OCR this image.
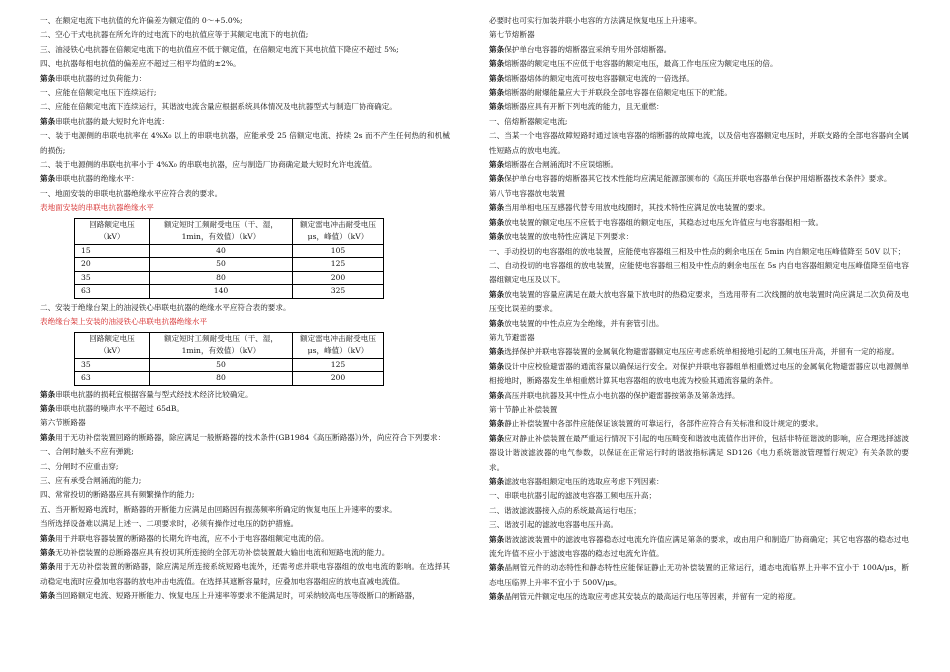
一、在额定电流下电抗值的允许偏差为额定值的 0～+5.0%;

二、空心干式电抗器在所允许的过电流下的电抗值应等于其额定电流下的电抗值;

三、油浸铁心电抗器在倍额定电流下的电抗值应不低于额定值，在倍额定电流下其电抗值下降应不超过 5%;

四、电抗器每相电抗值的偏差应不超过三相平均值的±2%。

第条串联电抗器的过负荷能力：

一、应能在倍额定电压下连续运行;

二、应能在倍额定电流下连续运行，其谐波电流含量应根据系统具体情况及电抗器型式与制造厂协商确定。

第条串联电抗器的最大短时允许电流：

一、装于电源侧的串联电抗率在 4%X₀ 以上的串联电抗器，应能承受 25 倍额定电流、持续 2s 而不产生任何热的和机械的损伤;

二、装于电源侧的串联电抗率小于 4%X₀ 的串联电抗器，应与制造厂协商确定最大短时允许电流值。

第条串联电抗器的绝缘水平：

一、地面安装的串联电抗器绝缘水平应符合表的要求。

表地面安装的串联电抗器绝缘水平

回路额定电压（kV）	额定短时工频耐受电压（干、湿，1min，有效值）（kV）	额定雷电冲击耐受电压μs，峰值）（kV）
15	40	105
20	50	125
35	80	200
63	140	325

二、安装于绝缘台架上的油浸铁心串联电抗器的绝缘水平应符合表的要求。

表绝缘台架上安装的油浸铁心串联电抗器绝缘水平

回路额定电压（kV）	额定短时工频耐受电压（干、湿，1min，有效值）（kV）	额定雷电冲击耐受电压μs，峰值）（kV）
35	50	125
63	80	200

第条串联电抗器的损耗宜根据容量与型式经技术经济比较确定。

第条串联电抗器的噪声水平不超过 65dB。

第六节断路器

第条用于无功补偿装置回路的断路器，除应满足一般断路器的技术条件(GB1984《高压断路器》)外，尚应符合下列要求：

一、合闸时触头不应有弹跳;

二、分闸时不应重击穿;

三、应有承受合闸涌流的能力;

四、常常投切的断路器应具有频繁操作的能力;

五、当开断短路电流时，断路器的开断能力应满足由回路因有振荡频率所确定的恢复电压上升速率的要求。

当所选择设备难以满足上述一、二项要求时，必须有操作过电压的防护措施。

第条用于并联电容器装置的断路器的长期允许电流，应不小于电容器组额定电流的倍。

第条无功补偿装置的总断路器应具有投切其所连接的全部无功补偿装置最大输出电流和短路电流的能力。

第条用于无功补偿装置的断路器，除应满足所连接系统短路电流外，还需考虑并联电容器组的放电电流的影响。在选择其动稳定电流时应叠加电容器的放电冲击电流值。在选择其遮断容量时，应叠加电容器组应的放电直减电流值。

第条当回路额定电流、短路开断能力、恢复电压上升速率等要求不能满足时，可采纳较高电压等级断口的断路器，

必要时也可实行加装并联小电容的方法满足恢复电压上升速率。

第七节熔断器

第条保护单台电容器的熔断器宜采纳专用外部熔断器。

第条熔断器的额定电压不应低于电容器的额定电压，最高工作电压应为额定电压的倍。

第条熔断器熔体的额定电流可按电容器额定电流的一倍选择。

第条熔断器的耐爆能量应大于并联段全部电容器在倍额定电压下的贮能。

第条熔断器应具有开断下列电流的能力，且无重燃：

一、倍熔断器额定电流;

二、当某一个电容器故障短路时通过该电容器的熔断器的故障电流，以及倍电容器额定电压时，并联支路的全部电容器向全属性短路点的放电电流。

第条熔断器在合闸涌流时不应误熔断。

第条保护单台电容器的熔断器其它技术性能均应满足能源部颁布的《高压并联电容器单台保护用熔断器技术条件》要求。

第八节电容器放电装置

第条当用单相电压互感器代替专用放电线圈时，其技术特性应满足放电装置的要求。

第条放电装置的额定电压不应低于电容器组的额定电压，其稳态过电压允许值应与电容器组相一致。

第条放电装置的放电特性应满足下列要求：

一、手动投切的电容器组的放电装置，应能使电容器组三相及中性点的剩余电压在 5min 内自额定电压峰值降至 50V 以下；

二、自动投切的电容器组的放电装置，应能使电容器组三相及中性点的剩余电压在 5s 内自电容器组额定电压峰值降至倍电容器组额定电压及以下。

第条放电装置的容量应满足在最大放电容量下放电时的热稳定要求，当选用带有二次线圈的放电装置时尚应满足二次负荷及电压变比误差的要求。

第条放电装置的中性点应为全绝缘，并有套管引出。

第九节避雷器

第条选择保护并联电容器装置的金属氧化物避雷器额定电压应考虑系统单相接地引起的工频电压升高，并留有一定的裕度。

第条设计中应校验避雷器的通流容量以确保运行安全。对保护并联电容器组单相重燃过电压的金属氧化物避雷器应以电源侧单相接地时，断路器发生单相重燃计算其电容器组的放电电流为校验其通流容量的条件。

第条高压并联电抗器及其中性点小电抗器的保护避雷器按第条及第条选择。

第十节静止补偿装置

第条静止补偿装置中各部件应能保证该装置的可靠运行，各部件应符合有关标准和设计规定的要求。

第条应对静止补偿装置在最严重运行情况下引起的电压畸变和谐波电流值作出评价，包括非特征谐波的影响，应合理选择滤波器设计谐波滤波器的电气参数，以保证在正常运行时的谐波指标满足 SD126《电力系统谐波管理暂行规定》有关条款的要求。

第条滤波电容器组额定电压的选取应考虑下列因素：

一、串联电抗器引起的滤波电容器工频电压升高；

二、谐波滤波器接入点的系统最高运行电压；

三、谐波引起的滤波电容器电压升高。

第条谐波滤波装置中的滤波电容器稳态过电流允许值应满足第条的要求，或由用户和制造厂协商确定；其它电容器的稳态过电流允许值不应小于滤波电容器的稳态过电流允许值。

第条晶闸管元件的动态特性和静态特性应能保证静止无功补偿装置的正常运行，通态电流临界上升率不宜小于 100A/μs，断态电压临界上升率不宜小于 500V/μs。

第条晶闸管元件额定电压的选取应考虑其安装点的最高运行电压等因素，并留有一定的裕度。
